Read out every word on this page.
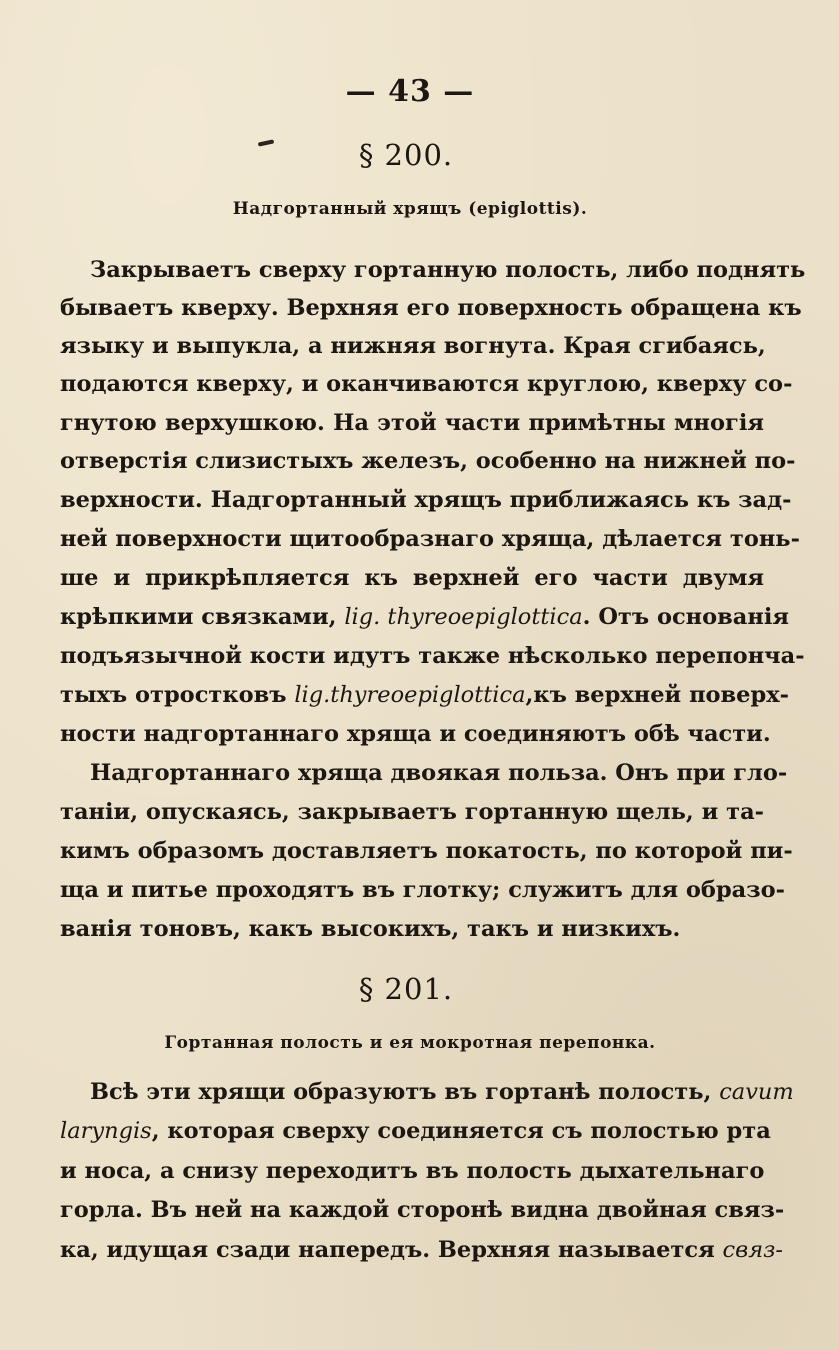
— 43 —
§ 200.
Надгортанный хрящъ (epiglottis).
Закрываетъ сверху гортанную полость, либо поднять
бываетъ кверху. Верхняя его поверхность обращена къ
языку и выпукла, а нижняя вогнута. Края сгибаясь,
подаются кверху, и оканчиваются круглою, кверху со-
гнутою верхушкою. На этой части примѣтны многія
отверстія слизистыхъ железъ, особенно на нижней по-
верхности. Надгортанный хрящъ приближаясь къ зад-
ней поверхности щитообразнаго хряща, дѣлается тонь-
ше и прикрѣпляется къ верхней его части двумя
крѣпкими связками, lig. thyreoepiglottica. Отъ основанія
подъязычной кости идутъ также нѣсколько перепонча-
тыхъ отростковъ lig.thyreoepiglottica,къ верхней поверх-
ности надгортаннаго хряща и соединяютъ обѣ части.
Надгортаннаго хряща двоякая польза. Онъ при гло-
таніи, опускаясь, закрываетъ гортанную щель, и та-
кимъ образомъ доставляетъ покатость, по которой пи-
ща и питье проходятъ въ глотку; служитъ для образо-
ванія тоновъ, какъ высокихъ, такъ и низкихъ.
§ 201.
Гортанная полость и ея мокротная перепонка.
Всѣ эти хрящи образуютъ въ гортанѣ полость, cavum
laryngis, которая сверху соединяется съ полостью рта
и носа, а снизу переходитъ въ полость дыхательнаго
горла. Въ ней на каждой сторонѣ видна двойная связ-
ка, идущая сзади напередъ. Верхняя называется связ-
